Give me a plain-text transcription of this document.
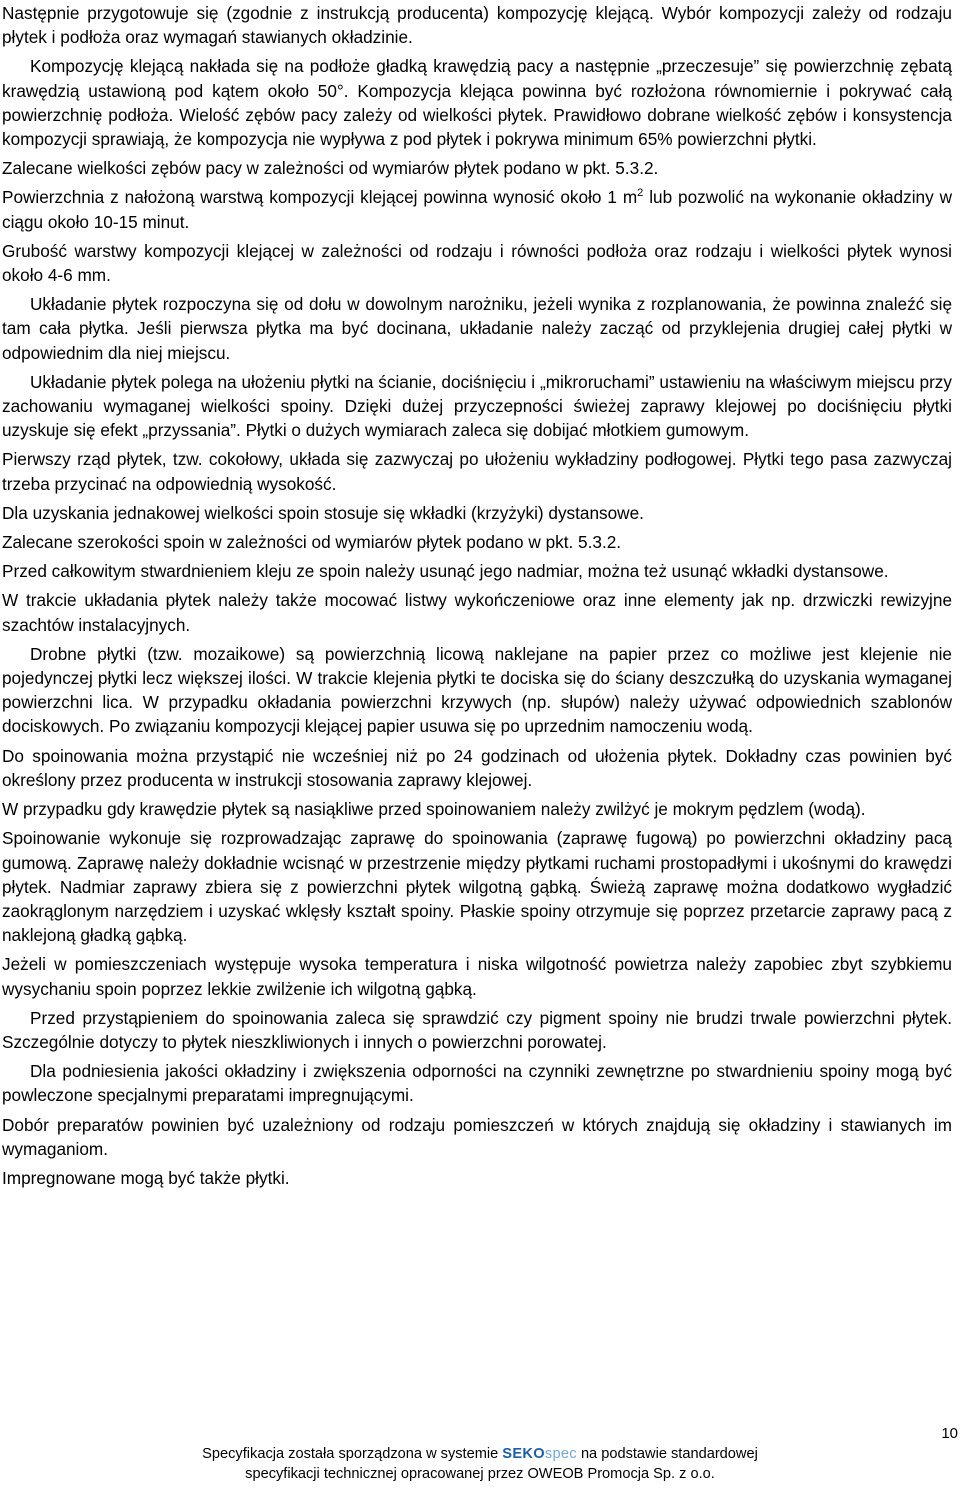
Następnie przygotowuje się (zgodnie z instrukcją producenta) kompozycję klejącą. Wybór kompozycji zależy od rodzaju płytek i podłoża oraz wymagań stawianych okładzinie.

Kompozycję klejącą nakłada się na podłoże gładką krawędzią pacy a następnie „przeczesuje” się powierzchnię zębatą krawędzią ustawioną pod kątem około 50°. Kompozycja klejąca powinna być rozłożona równomiernie i pokrywać całą powierzchnię podłoża. Wielość zębów pacy zależy od wielkości płytek. Prawidłowo dobrane wielkość zębów i konsystencja kompozycji sprawiają, że kompozycja nie wypływa z pod płytek i pokrywa minimum 65% powierzchni płytki.

Zalecane wielkości zębów pacy w zależności od wymiarów płytek podano w pkt. 5.3.2.

Powierzchnia z nałożoną warstwą kompozycji klejącej powinna wynosić około 1 $m^2$ lub pozwolić na wykonanie okładziny w ciągu około 10-15 minut.

Grubość warstwy kompozycji klejącej w zależności od rodzaju i równości podłoża oraz rodzaju i wielkości płytek wynosi około 4-6 mm.

Układanie płytek rozpoczyna się od dołu w dowolnym narożniku, jeżeli wynika z rozplanowania, że powinna znaleźć się tam cała płytka. Jeśli pierwsza płytka ma być docinana, układanie należy zacząć od przyklejenia drugiej całej płytki w odpowiednim dla niej miejscu.

Układanie płytek polega na ułożeniu płytki na ścianie, dociśnięciu i „mikroruchami” ustawieniu na właściwym miejscu przy zachowaniu wymaganej wielkości spoiny. Dzięki dużej przyczepności świeżej zaprawy klejowej po dociśnięciu płytki uzyskuje się efekt „przyssania”. Płytki o dużych wymiarach zaleca się dobijać młotkiem gumowym.

Pierwszy rząd płytek, tzw. cokołowy, układa się zazwyczaj po ułożeniu wykładziny podłogowej. Płytki tego pasa zazwyczaj trzeba przycinać na odpowiednią wysokość.

Dla uzyskania jednakowej wielkości spoin stosuje się wkładki (krzyżyki) dystansowe.

Zalecane szerokości spoin w zależności od wymiarów płytek podano w pkt. 5.3.2.

Przed całkowitym stwardnieniem kleju ze spoin należy usunąć jego nadmiar, można też usunąć wkładki dystansowe.

W trakcie układania płytek należy także mocować listwy wykończeniowe oraz inne elementy jak np. drzwiczki rewizyjne szachtów instalacyjnych.

Drobne płytki (tzw. mozaikowe) są powierzchnią licową naklejane na papier przez co możliwe jest klejenie nie pojedynczej płytki lecz większej ilości. W trakcie klejenia płytki te dociska się do ściany deszczułką do uzyskania wymaganej powierzchni lica. W przypadku okładania powierzchni krzywych (np. słupów) należy używać odpowiednich szablonów dociskowych. Po związaniu kompozycji klejącej papier usuwa się po uprzednim namoczeniu wodą.

Do spoinowania można przystąpić nie wcześniej niż po 24 godzinach od ułożenia płytek. Dokładny czas powinien być określony przez producenta w instrukcji stosowania zaprawy klejowej.

W przypadku gdy krawędzie płytek są nasiąkliwe przed spoinowaniem należy zwilżyć je mokrym pędzlem (wodą).

Spoinowanie wykonuje się rozprowadzając zaprawę do spoinowania (zaprawę fugową) po powierzchni okładziny pacą gumową. Zaprawę należy dokładnie wcisnąć w przestrzenie między płytkami ruchami prostopadłymi i ukośnymi do krawędzi płytek. Nadmiar zaprawy zbiera się z powierzchni płytek wilgotną gąbką. Świeżą zaprawę można dodatkowo wygładzić zaokrąglonym narzędziem i uzyskać wklęsły kształt spoiny. Płaskie spoiny otrzymuje się poprzez przetarcie zaprawy pacą z naklejoną gładką gąbką.

Jeżeli w pomieszczeniach występuje wysoka temperatura i niska wilgotność powietrza należy zapobiec zbyt szybkiemu wysychaniu spoin poprzez lekkie zwilżenie ich wilgotną gąbką.

Przed przystąpieniem do spoinowania zaleca się sprawdzić czy pigment spoiny nie brudzi trwale powierzchni płytek. Szczególnie dotyczy to płytek nieszkliwionych i innych o powierzchni porowatej.

Dla podniesienia jakości okładziny i zwiększenia odporności na czynniki zewnętrzne po stwardnieniu spoiny mogą być powleczone specjalnymi preparatami impregnującymi.

Dobór preparatów powinien być uzależniony od rodzaju pomieszczeń w których znajdują się okładziny i stawianych im wymaganiom.

Impregnowane mogą być także płytki.

10
Specyfikacja została sporządzona w systemie SEKOspec na podstawie standardowej
specyfikacji technicznej opracowanej przez OWEOB Promocja Sp. z o.o.
